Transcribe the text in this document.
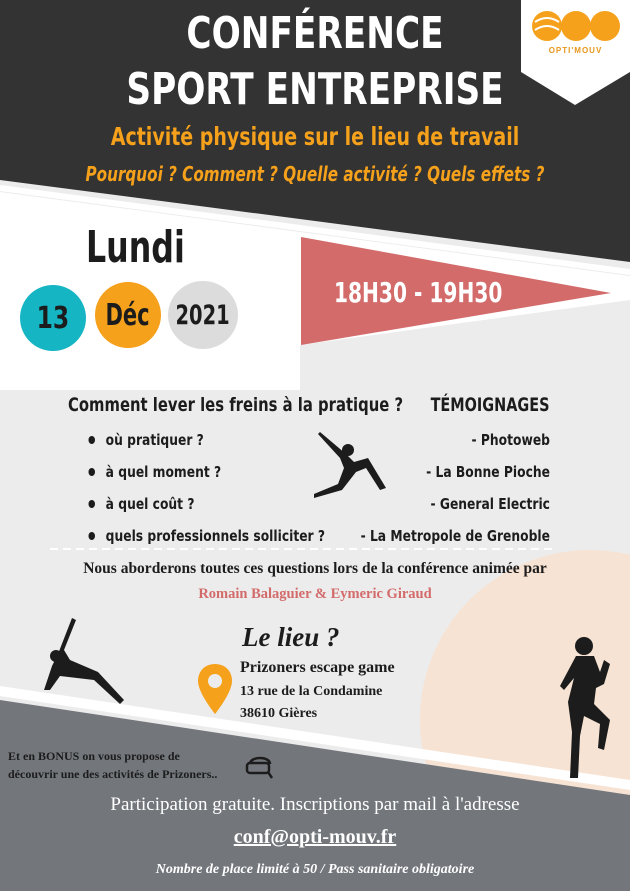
OPTI'MOUV
CONFÉRENCE
SPORT ENTREPRISE
Activité physique sur le lieu de travail
Pourquoi ? Comment ? Quelle activité ? Quels effets ?
Lundi
13 Déc 2021
18H30 - 19H30
Comment lever les freins à la pratique ?
où pratiquer ?
à quel moment ?
à quel coût ?
quels professionnels solliciter ?
TÉMOIGNAGES
- Photoweb
- La Bonne Pioche
- General Electric
- La Metropole de Grenoble
Nous aborderons toutes ces questions lors de la conférence animée par
Romain Balaguier & Eymeric Giraud
Le lieu ?
Prizoners escape game
13 rue de la Condamine
38610 Gières
Et en BONUS on vous propose de
découvrir une des activités de Prizoners..
Participation gratuite. Inscriptions par mail à l'adresse
conf@opti-mouv.fr
Nombre de place limité à 50 / Pass sanitaire obligatoire
